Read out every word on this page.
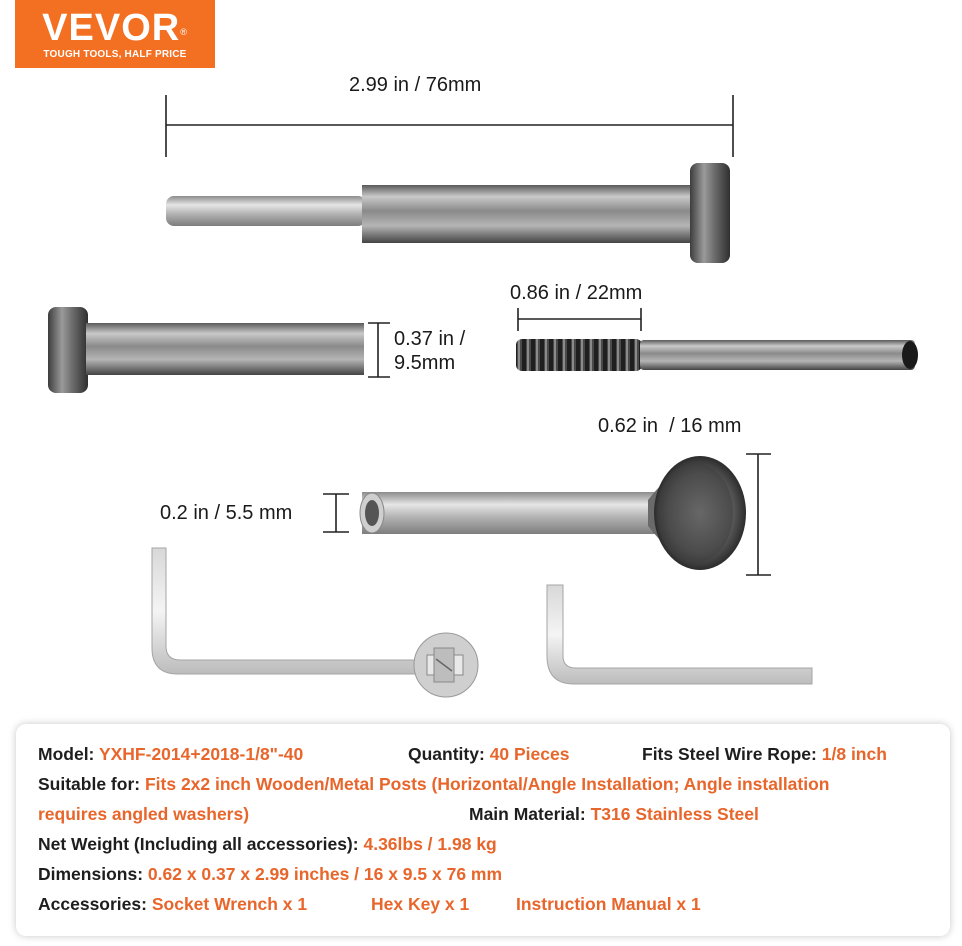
VEVOR®
TOUGH TOOLS, HALF PRICE
2.99 in / 76mm
0.86 in / 22mm
0.37 in /
9.5mm
0.62 in  / 16 mm
0.2 in / 5.5 mm
Model: YXHF-2014+2018-1/8"-40	Quantity: 40 Pieces	Fits Steel Wire Rope: 1/8 inch
Suitable for: Fits 2x2 inch Wooden/Metal Posts (Horizontal/Angle Installation; Angle installation
requires angled washers)	Main Material: T316 Stainless Steel
Net Weight (Including all accessories): 4.36lbs / 1.98 kg
Dimensions: 0.62 x 0.37 x 2.99 inches / 16 x 9.5 x 76 mm
Accessories: Socket Wrench x 1	Hex Key x 1	Instruction Manual x 1
